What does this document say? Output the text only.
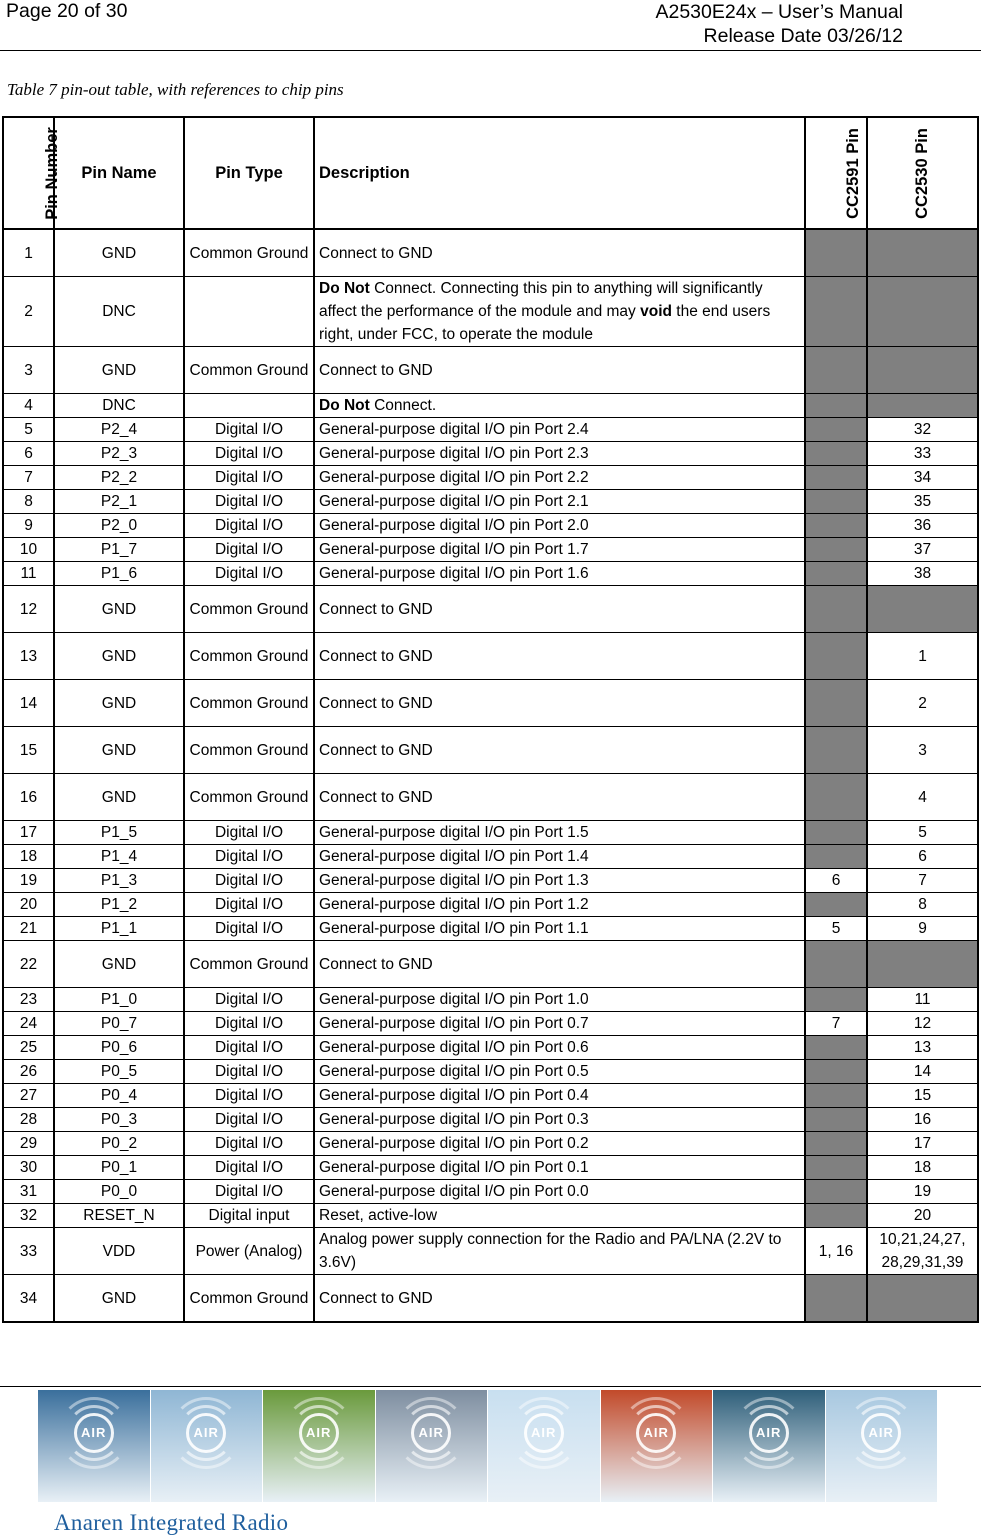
Page 20 of 30	A2530E24x – User’s Manual
Release Date 03/26/12
Table 7 pin-out table, with references to chip pins
Pin Number	Pin Name	Pin Type	Description	CC2591 Pin	CC2530 Pin
1	GND	Common Ground	Connect to GND		
2	DNC		Do Not Connect. Connecting this pin to anything will significantly affect the performance of the module and may void the end users right, under FCC, to operate the module		
3	GND	Common Ground	Connect to GND		
4	DNC		Do Not Connect.		
5	P2_4	Digital I/O	General-purpose digital I/O pin Port 2.4		32
6	P2_3	Digital I/O	General-purpose digital I/O pin Port 2.3		33
7	P2_2	Digital I/O	General-purpose digital I/O pin Port 2.2		34
8	P2_1	Digital I/O	General-purpose digital I/O pin Port 2.1		35
9	P2_0	Digital I/O	General-purpose digital I/O pin Port 2.0		36
10	P1_7	Digital I/O	General-purpose digital I/O pin Port 1.7		37
11	P1_6	Digital I/O	General-purpose digital I/O pin Port 1.6		38
12	GND	Common Ground	Connect to GND		
13	GND	Common Ground	Connect to GND		1
14	GND	Common Ground	Connect to GND		2
15	GND	Common Ground	Connect to GND		3
16	GND	Common Ground	Connect to GND		4
17	P1_5	Digital I/O	General-purpose digital I/O pin Port 1.5		5
18	P1_4	Digital I/O	General-purpose digital I/O pin Port 1.4		6
19	P1_3	Digital I/O	General-purpose digital I/O pin Port 1.3	6	7
20	P1_2	Digital I/O	General-purpose digital I/O pin Port 1.2		8
21	P1_1	Digital I/O	General-purpose digital I/O pin Port 1.1	5	9
22	GND	Common Ground	Connect to GND		
23	P1_0	Digital I/O	General-purpose digital I/O pin Port 1.0		11
24	P0_7	Digital I/O	General-purpose digital I/O pin Port 0.7	7	12
25	P0_6	Digital I/O	General-purpose digital I/O pin Port 0.6		13
26	P0_5	Digital I/O	General-purpose digital I/O pin Port 0.5		14
27	P0_4	Digital I/O	General-purpose digital I/O pin Port 0.4		15
28	P0_3	Digital I/O	General-purpose digital I/O pin Port 0.3		16
29	P0_2	Digital I/O	General-purpose digital I/O pin Port 0.2		17
30	P0_1	Digital I/O	General-purpose digital I/O pin Port 0.1		18
31	P0_0	Digital I/O	General-purpose digital I/O pin Port 0.0		19
32	RESET_N	Digital input	Reset, active-low		20
33	VDD	Power (Analog)	Analog power supply connection for the Radio and PA/LNA (2.2V to 3.6V)	1, 16	10,21,24,27, 28,29,31,39
34	GND	Common Ground	Connect to GND		
AIR	AIR	AIR	AIR	AIR	AIR	AIR	AIR
Anaren Integrated Radio
